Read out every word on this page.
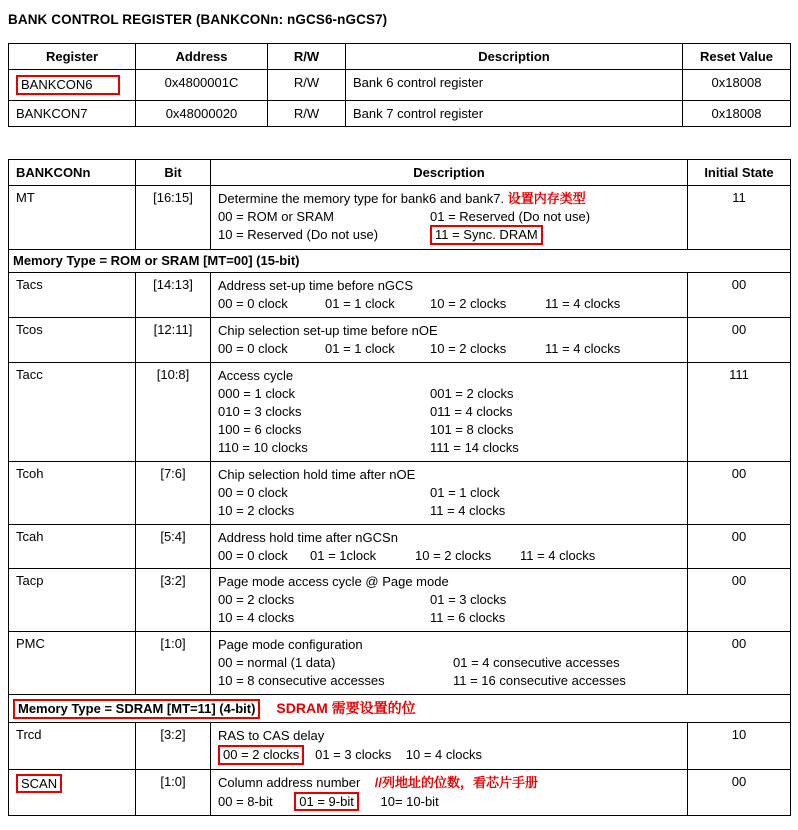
BANK CONTROL REGISTER (BANKCONn: nGCS6-nGCS7)
Register	Address	R/W	Description	Reset Value
BANKCON6	0x4800001C	R/W	Bank 6 control register	0x18008
BANKCON7	0x48000020	R/W	Bank 7 control register	0x18008
BANKCONn	Bit	Description	Initial State
MT	[16:15]	Determine the memory type for bank6 and bank7. 设置内存类型
00 = ROM or SRAM 01 = Reserved (Do not use)
10 = Reserved (Do not use) 11 = Sync. DRAM	11
Memory Type = ROM or SRAM [MT=00] (15-bit)			
Tacs	[14:13]	Address set-up time before nGCS
00 = 0 clock 01 = 1 clock 10 = 2 clocks 11 = 4 clocks	00
Tcos	[12:11]	Chip selection set-up time before nOE
00 = 0 clock 01 = 1 clock 10 = 2 clocks 11 = 4 clocks	00
Tacc	[10:8]	Access cycle
000 = 1 clock 001 = 2 clocks
010 = 3 clocks 011 = 4 clocks
100 = 6 clocks 101 = 8 clocks
110 = 10 clocks 111 = 14 clocks	111
Tcoh	[7:6]	Chip selection hold time after nOE
00 = 0 clock 01 = 1 clock
10 = 2 clocks 11 = 4 clocks	00
Tcah	[5:4]	Address hold time after nGCSn
00 = 0 clock 01 = 1clock 10 = 2 clocks 11 = 4 clocks	00
Tacp	[3:2]	Page mode access cycle @ Page mode
00 = 2 clocks 01 = 3 clocks
10 = 4 clocks 11 = 6 clocks	00
PMC	[1:0]	Page mode configuration
00 = normal (1 data) 01 = 4 consecutive accesses
10 = 8 consecutive accesses 11 = 16 consecutive accesses	00
Memory Type = SDRAM [MT=11] (4-bit) SDRAM 需要设置的位			
Trcd	[3:2]	RAS to CAS delay
00 = 2 clocks   01 = 3 clocks    10 = 4 clocks	10
SCAN	[1:0]	Column address number    //列地址的位数，看芯片手册
00 = 8-bit      01 = 9-bit      10= 10-bit	00
